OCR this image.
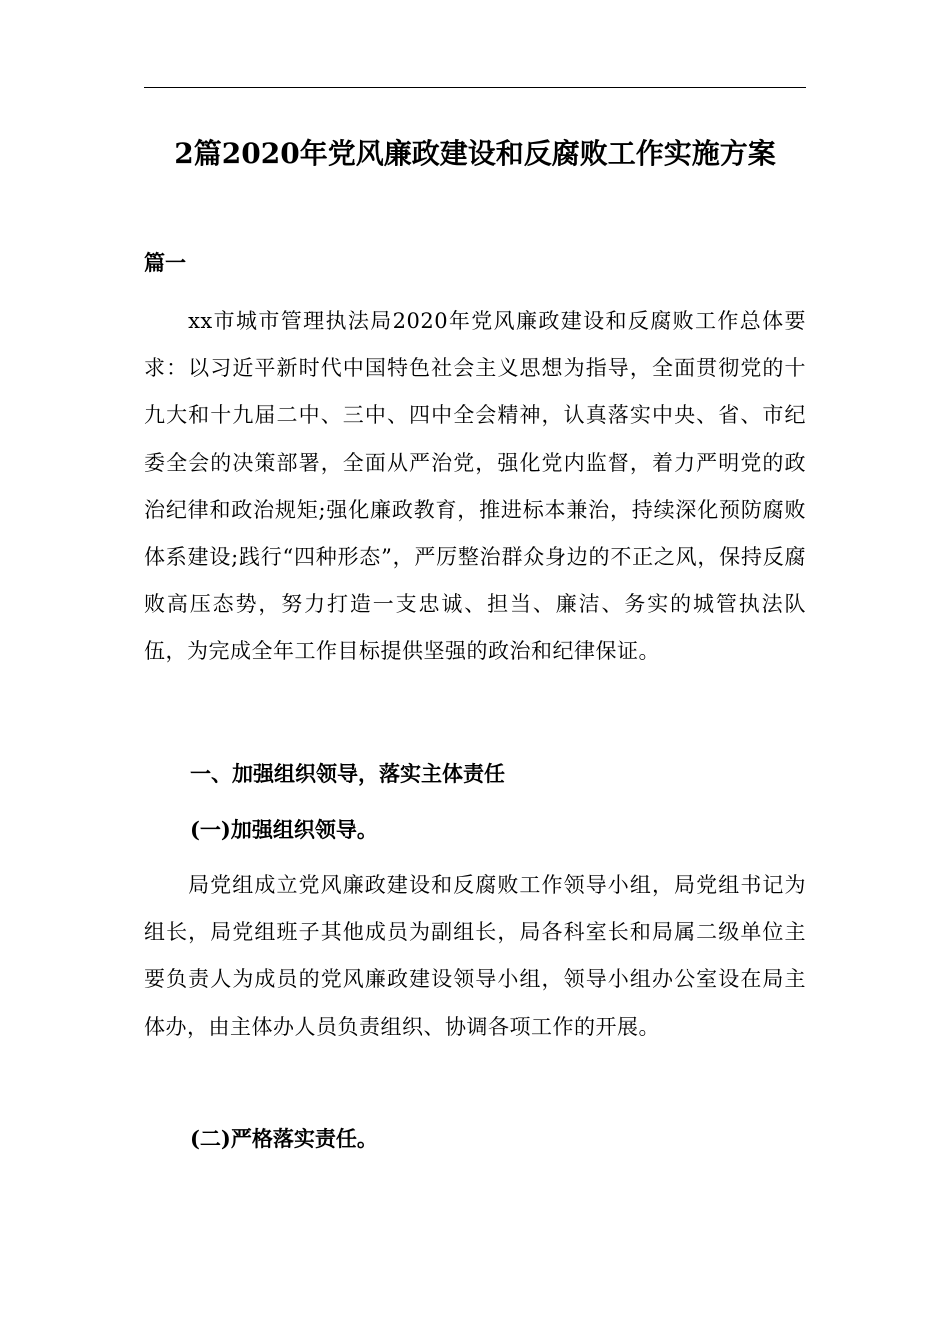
2篇2020年党风廉政建设和反腐败工作实施方案
篇一

xx市城市管理执法局2020年党风廉政建设和反腐败工作总体要求：以习近平新时代中国特色社会主义思想为指导，全面贯彻党的十九大和十九届二中、三中、四中全会精神，认真落实中央、省、市纪委全会的决策部署，全面从严治党，强化党内监督，着力严明党的政治纪律和政治规矩;强化廉政教育，推进标本兼治，持续深化预防腐败体系建设;践行“四种形态”，严厉整治群众身边的不正之风，保持反腐败高压态势，努力打造一支忠诚、担当、廉洁、务实的城管执法队伍，为完成全年工作目标提供坚强的政治和纪律保证。

一、加强组织领导，落实主体责任
(一)加强组织领导。

局党组成立党风廉政建设和反腐败工作领导小组，局党组书记为组长，局党组班子其他成员为副组长，局各科室长和局属二级单位主要负责人为成员的党风廉政建设领导小组，领导小组办公室设在局主体办，由主体办人员负责组织、协调各项工作的开展。

(二)严格落实责任。
